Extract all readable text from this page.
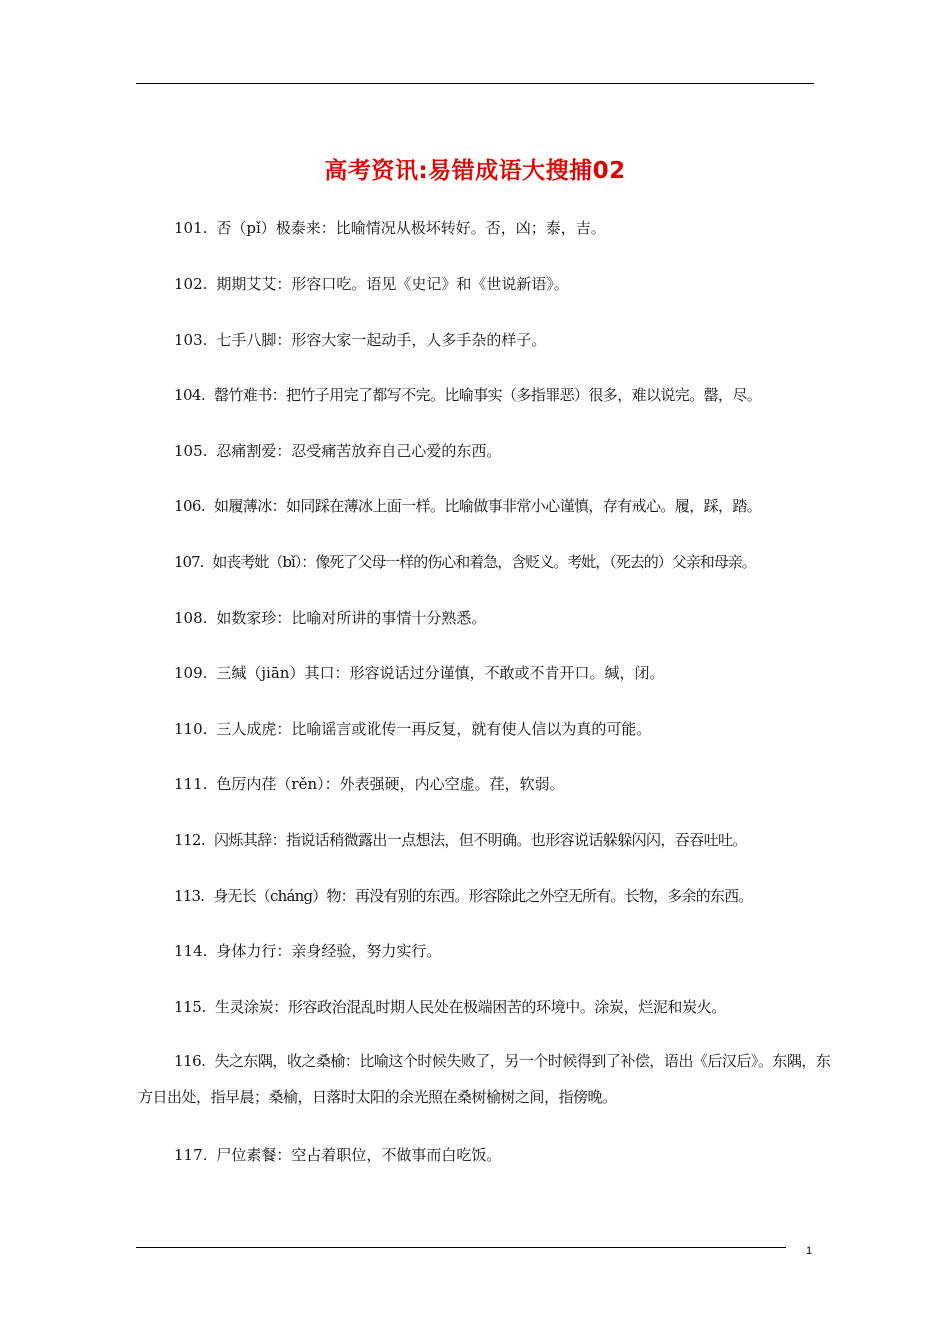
高考资讯:易错成语大搜捕02
101. 否（pǐ）极泰来：比喻情况从极坏转好。否，凶；泰，吉。
102. 期期艾艾：形容口吃。语见《史记》和《世说新语》。
103. 七手八脚：形容大家一起动手，人多手杂的样子。
104. 罄竹难书：把竹子用完了都写不完。比喻事实（多指罪恶）很多，难以说完。罄，尽。
105. 忍痛割爱：忍受痛苦放弃自己心爱的东西。
106. 如履薄冰：如同踩在薄冰上面一样。比喻做事非常小心谨慎，存有戒心。履，踩，踏。
107. 如丧考妣（bǐ）：像死了父母一样的伤心和着急，含贬义。考妣，（死去的）父亲和母亲。
108. 如数家珍：比喻对所讲的事情十分熟悉。
109. 三缄（jiān）其口：形容说话过分谨慎，不敢或不肯开口。缄，闭。
110. 三人成虎：比喻谣言或讹传一再反复，就有使人信以为真的可能。
111. 色厉内荏（rěn）：外表强硬，内心空虚。荏，软弱。
112. 闪烁其辞：指说话稍微露出一点想法，但不明确。也形容说话躲躲闪闪，吞吞吐吐。
113. 身无长（cháng）物：再没有别的东西。形容除此之外空无所有。长物，多余的东西。
114. 身体力行：亲身经验，努力实行。
115. 生灵涂炭：形容政治混乱时期人民处在极端困苦的环境中。涂炭，烂泥和炭火。
116. 失之东隅，收之桑榆：比喻这个时候失败了，另一个时候得到了补偿，语出《后汉后》。东隅，东方日出处，指早晨；桑榆，日落时太阳的余光照在桑树榆树之间，指傍晚。
117. 尸位素餐：空占着职位，不做事而白吃饭。
1
